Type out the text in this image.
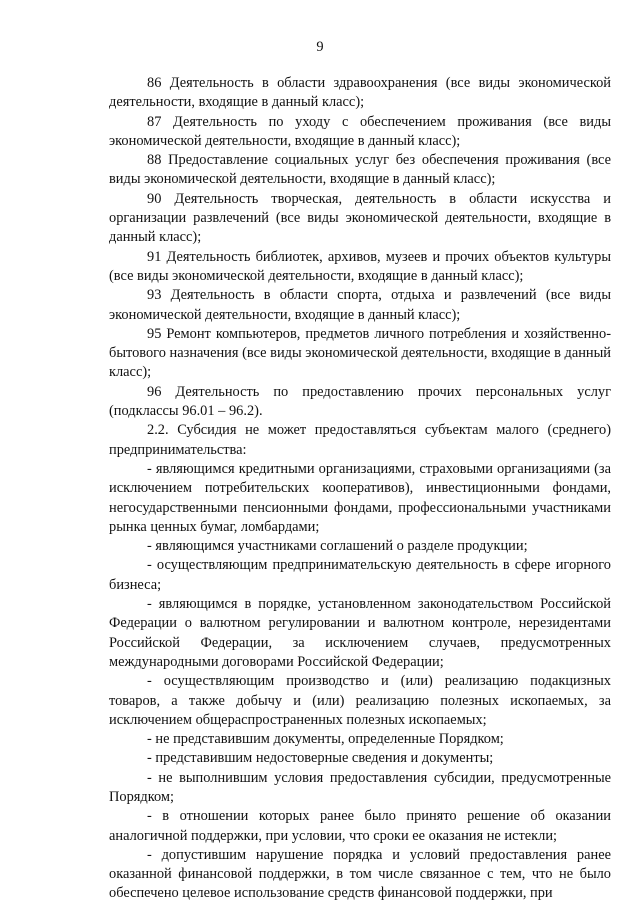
9

86 Деятельность в области здравоохранения (все виды экономической деятельности, входящие в данный класс);

87 Деятельность по уходу с обеспечением проживания (все виды экономической деятельности, входящие в данный класс);

88 Предоставление социальных услуг без обеспечения проживания (все виды экономической деятельности, входящие в данный класс);

90 Деятельность творческая, деятельность в области искусства и организации развлечений (все виды экономической деятельности, входящие в данный класс);

91 Деятельность библиотек, архивов, музеев и прочих объектов культуры (все виды экономической деятельности, входящие в данный класс);

93 Деятельность в области спорта, отдыха и развлечений (все виды экономической деятельности, входящие в данный класс);

95 Ремонт компьютеров, предметов личного потребления и хозяйственно-бытового назначения (все виды экономической деятельности, входящие в данный класс);

96 Деятельность по предоставлению прочих персональных услуг (подклассы 96.01 – 96.2).

2.2. Субсидия не может предоставляться субъектам малого (среднего) предпринимательства:

- являющимся кредитными организациями, страховыми организациями (за исключением потребительских кооперативов), инвестиционными фондами, негосударственными пенсионными фондами, профессиональными участниками рынка ценных бумаг, ломбардами;

- являющимся участниками соглашений о разделе продукции;

- осуществляющим предпринимательскую деятельность в сфере игорного бизнеса;

- являющимся в порядке, установленном законодательством Российской Федерации о валютном регулировании и валютном контроле, нерезидентами Российской Федерации, за исключением случаев, предусмотренных международными договорами Российской Федерации;

- осуществляющим производство и (или) реализацию подакцизных товаров, а также добычу и (или) реализацию полезных ископаемых, за исключением общераспространенных полезных ископаемых;

- не представившим документы, определенные Порядком;

- представившим недостоверные сведения и документы;

- не выполнившим условия предоставления субсидии, предусмотренные Порядком;

- в отношении которых ранее было принято решение об оказании аналогичной поддержки, при условии, что сроки ее оказания не истекли;

- допустившим нарушение порядка и условий предоставления ранее оказанной финансовой поддержки, в том числе связанное с тем, что не было обеспечено целевое использование средств финансовой поддержки, при
